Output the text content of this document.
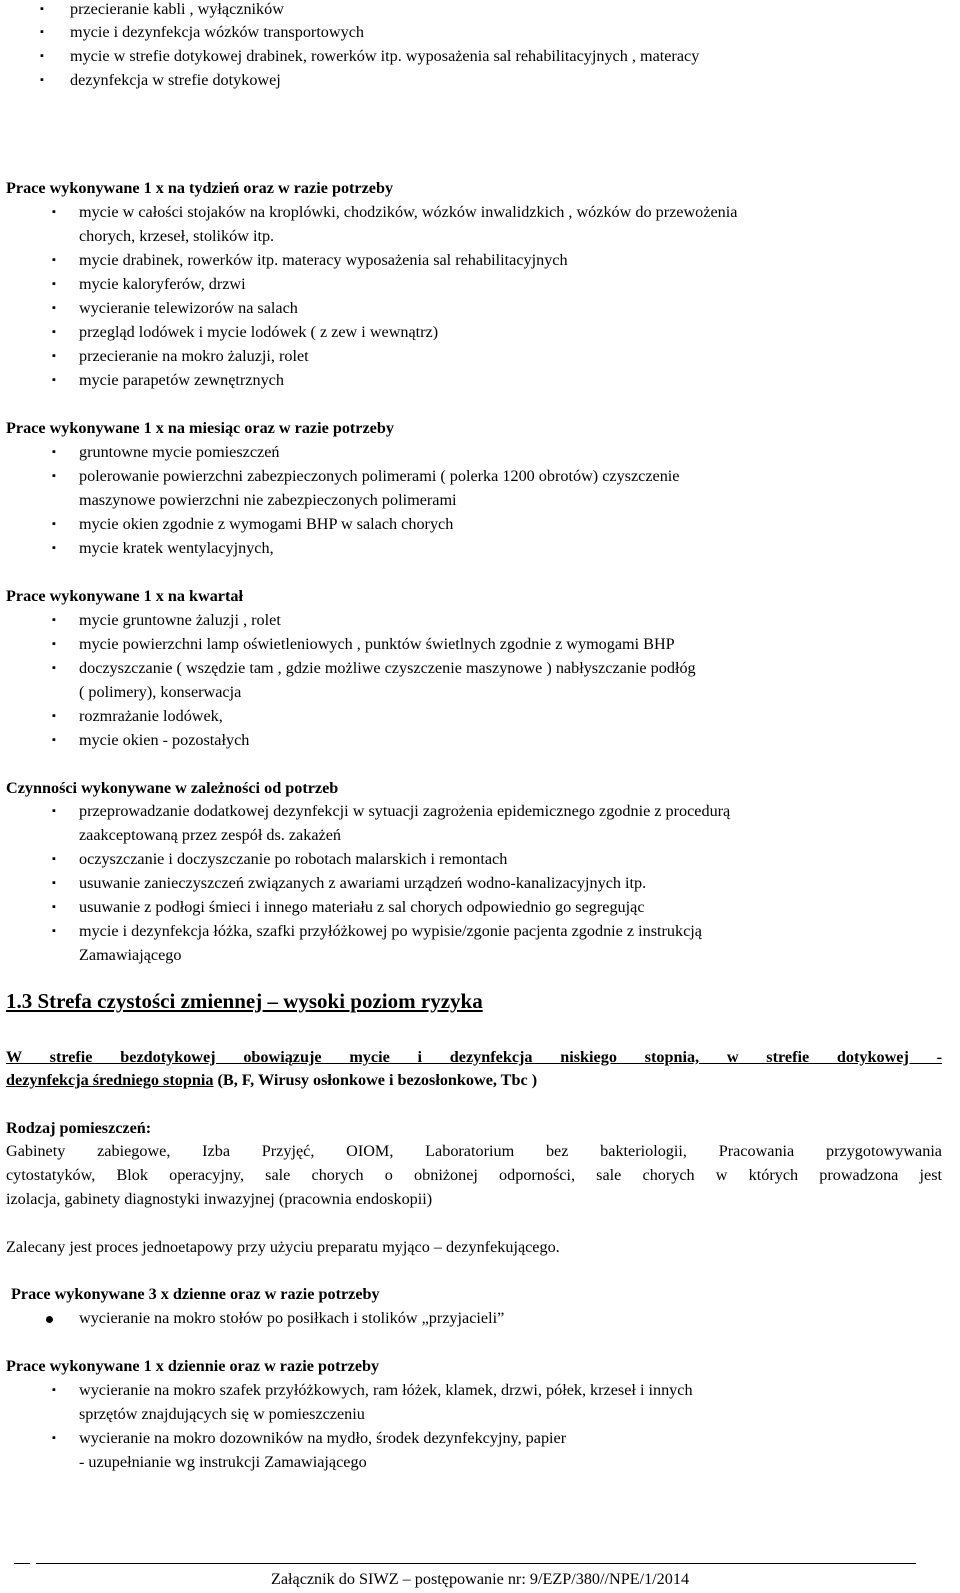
▪ przecieranie kabli , wyłączników
▪ mycie i dezynfekcja wózków transportowych
▪ mycie w strefie dotykowej drabinek, rowerków itp. wyposażenia sal rehabilitacyjnych , materacy
▪ dezynfekcja w strefie dotykowej
Prace wykonywane 1 x na tydzień oraz w razie potrzeby
▪ mycie w całości stojaków na kroplówki, chodzików, wózków inwalidzkich , wózków do przewożenia
chorych, krzeseł, stolików itp.
▪ mycie drabinek, rowerków itp. materacy wyposażenia sal rehabilitacyjnych
▪ mycie kaloryferów, drzwi
▪ wycieranie telewizorów na salach
▪ przegląd lodówek i mycie lodówek ( z zew i wewnątrz)
▪ przecieranie na mokro żaluzji, rolet
▪ mycie parapetów zewnętrznych
Prace wykonywane 1 x na miesiąc oraz w razie potrzeby
▪ gruntowne mycie pomieszczeń
▪ polerowanie powierzchni zabezpieczonych polimerami ( polerka 1200 obrotów) czyszczenie
maszynowe powierzchni nie zabezpieczonych polimerami
▪ mycie okien zgodnie z wymogami BHP w salach chorych
▪ mycie kratek wentylacyjnych,
Prace wykonywane 1 x na kwartał
▪ mycie gruntowne żaluzji , rolet
▪ mycie powierzchni lamp oświetleniowych , punktów świetlnych zgodnie z wymogami BHP
▪ doczyszczanie ( wszędzie tam , gdzie możliwe czyszczenie maszynowe ) nabłyszczanie podłóg
( polimery), konserwacja
▪ rozmrażanie lodówek,
▪ mycie okien - pozostałych
Czynności wykonywane w zależności od potrzeb
▪ przeprowadzanie dodatkowej dezynfekcji w sytuacji zagrożenia epidemicznego zgodnie z procedurą
zaakceptowaną przez zespół ds. zakażeń
▪ oczyszczanie i doczyszczanie po robotach malarskich i remontach
▪ usuwanie zanieczyszczeń związanych z awariami urządzeń wodno-kanalizacyjnych itp.
▪ usuwanie z podłogi śmieci i innego materiału z sal chorych odpowiednio go segregując
▪ mycie i dezynfekcja łóżka, szafki przyłóżkowej po wypisie/zgonie pacjenta zgodnie z instrukcją
Zamawiającego
1.3 Strefa czystości zmiennej – wysoki poziom ryzyka
W strefie bezdotykowej obowiązuje mycie i dezynfekcja niskiego stopnia, w strefie dotykowej -
dezynfekcja średniego stopnia (B, F, Wirusy osłonkowe i bezosłonkowe, Tbc )
Rodzaj pomieszczeń:
Gabinety zabiegowe, Izba Przyjęć, OIOM, Laboratorium bez bakteriologii, Pracowania przygotowywania
cytostatyków, Blok operacyjny, sale chorych o obniżonej odporności, sale chorych w których prowadzona jest
izolacja, gabinety diagnostyki inwazyjnej (pracownia endoskopii)
Zalecany jest proces jednoetapowy przy użyciu preparatu myjąco – dezynfekującego.
Prace wykonywane 3 x dzienne oraz w razie potrzeby
wycieranie na mokro stołów po posiłkach i stolików „przyjacieli”
Prace wykonywane 1 x dziennie oraz w razie potrzeby
▪ wycieranie na mokro szafek przyłóżkowych, ram łóżek, klamek, drzwi, półek, krzeseł i innych
sprzętów znajdujących się w pomieszczeniu
▪ wycieranie na mokro dozowników na mydło, środek dezynfekcyjny, papier
- uzupełnianie wg instrukcji Zamawiającego
Załącznik do SIWZ – postępowanie nr: 9/EZP/380//NPE/1/2014
